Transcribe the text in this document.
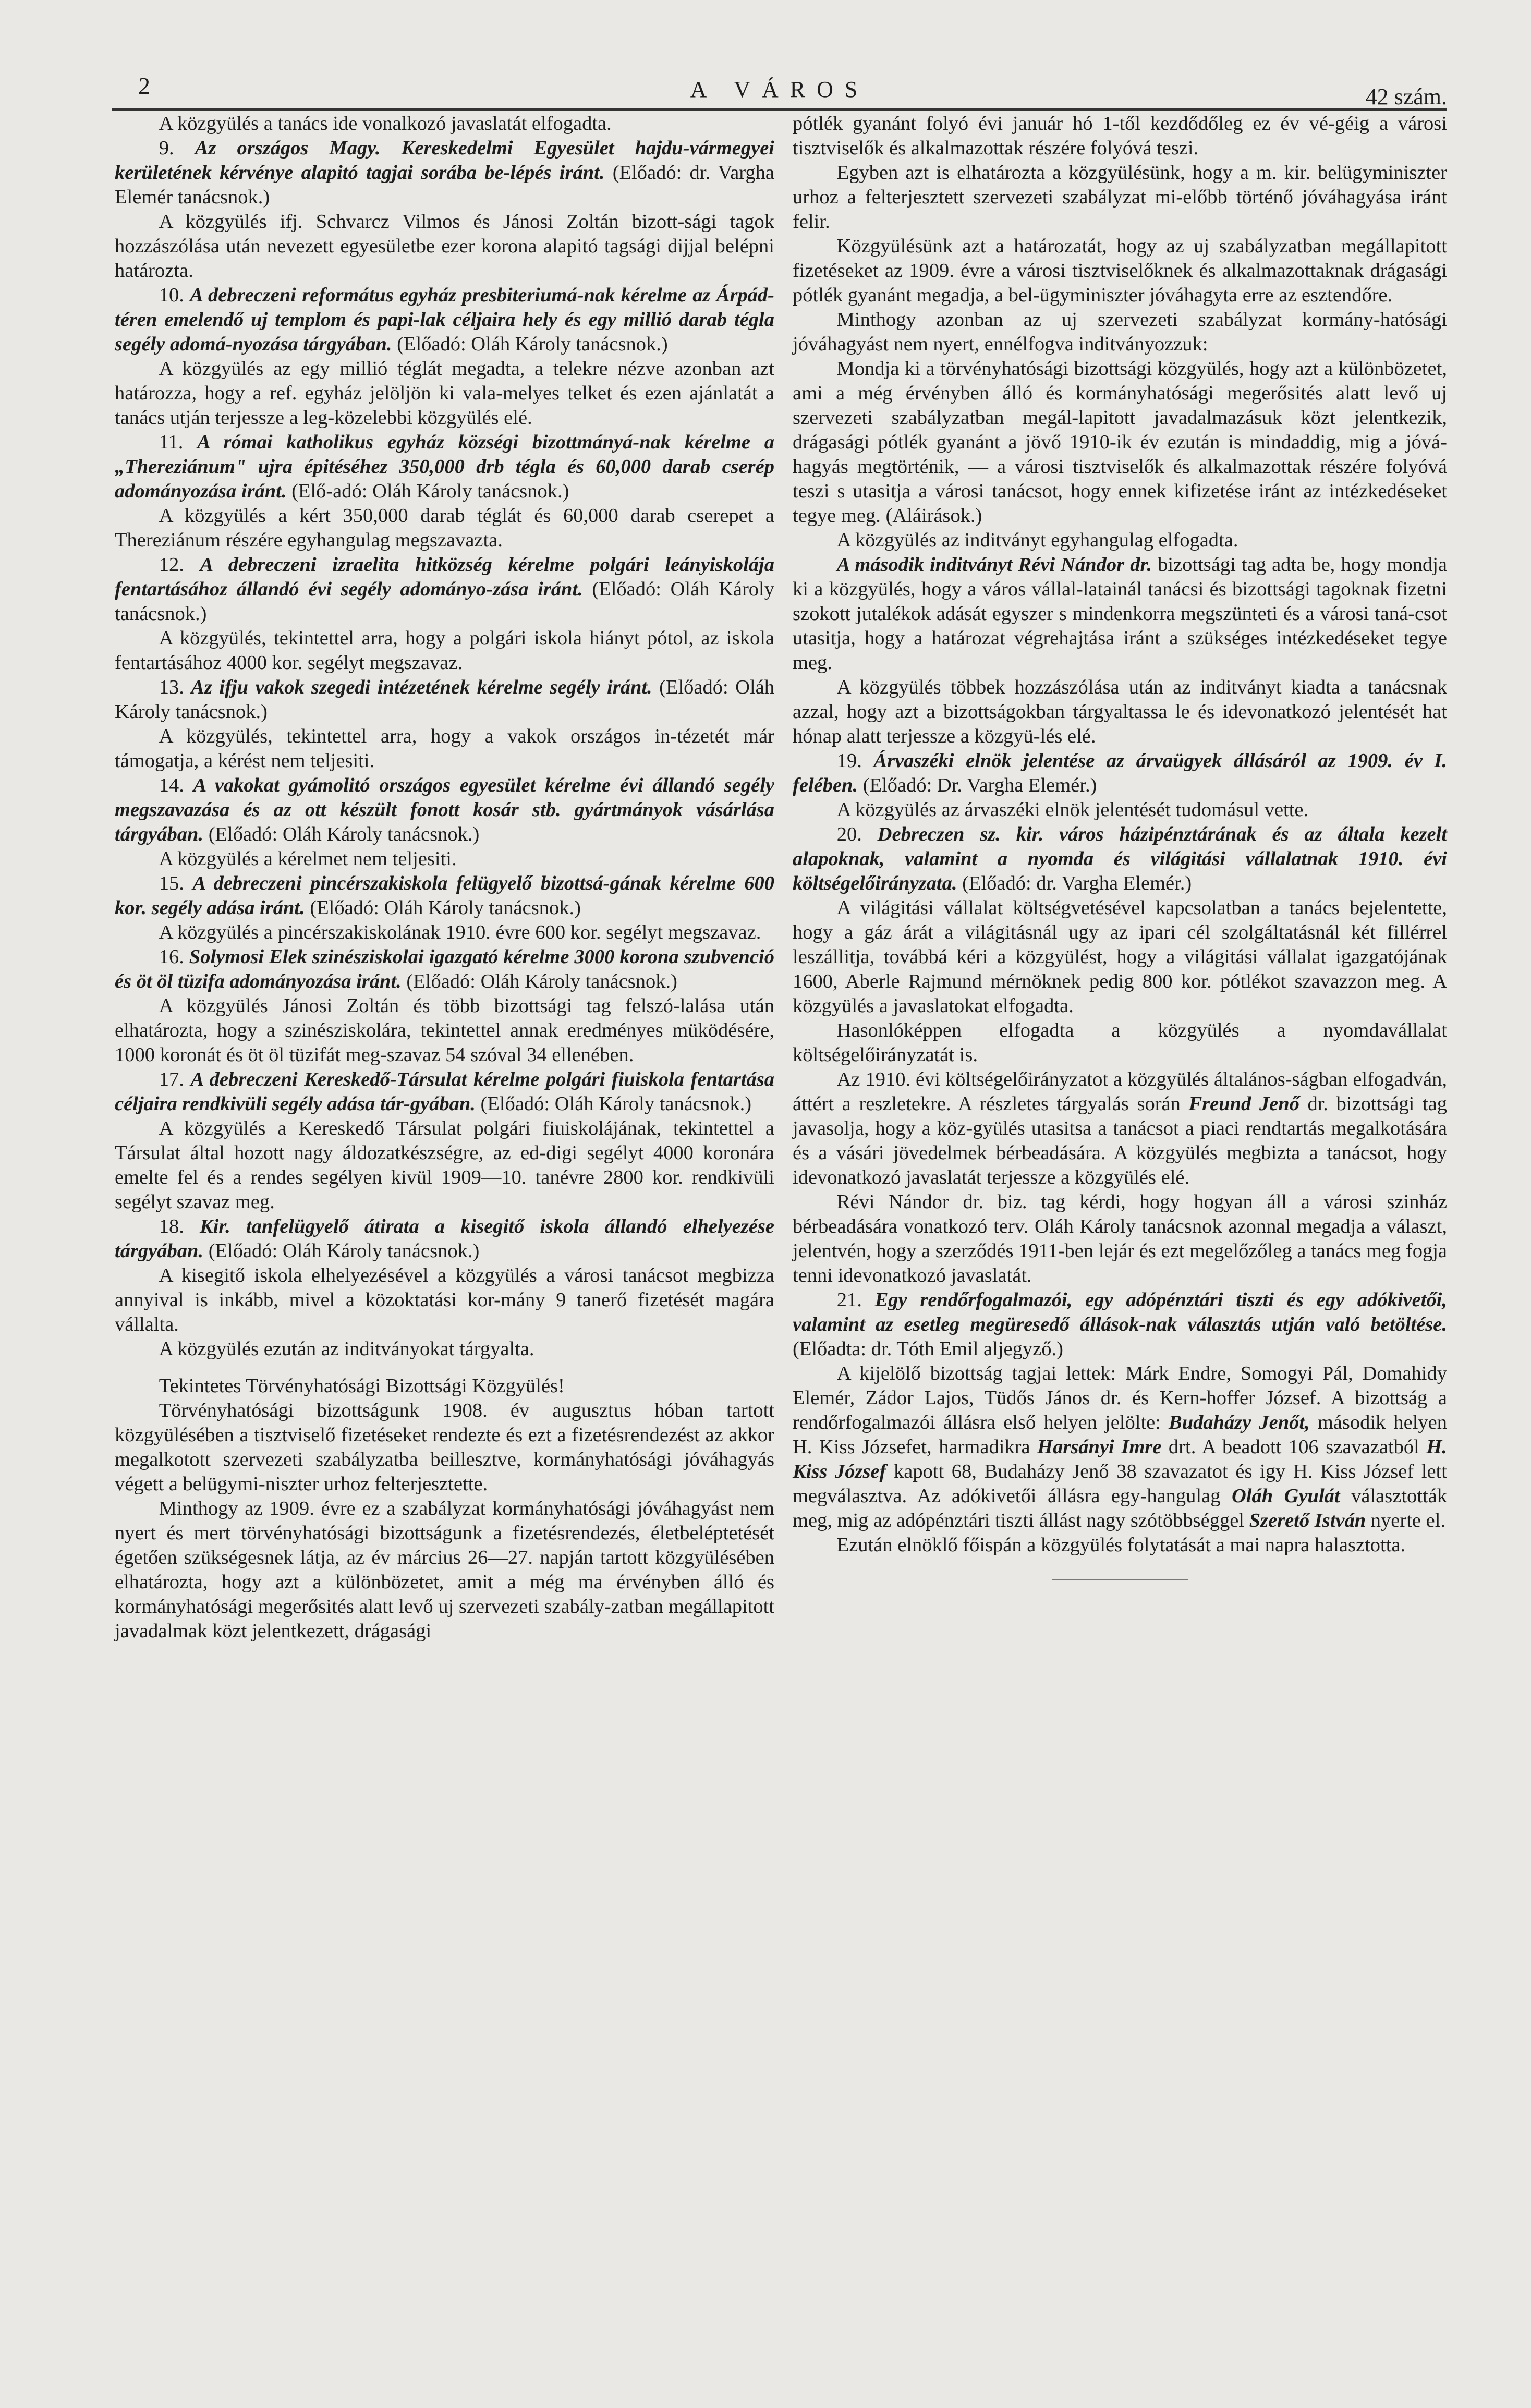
2	A VÁROS	42 szám.

A közgyülés a tanács ide vonalkozó javaslatát elfogadta.

9. Az országos Magy. Kereskedelmi Egyesület hajdu-vármegyei kerületének kérvénye alapitó tagjai sorába be-lépés iránt. (Előadó: dr. Vargha Elemér tanácsnok.)

A közgyülés ifj. Schvarcz Vilmos és Jánosi Zoltán bizott-sági tagok hozzászólása után nevezett egyesületbe ezer korona alapitó tagsági dijjal belépni határozta.

10. A debreczeni református egyház presbiteriumá-nak kérelme az Árpád-téren emelendő uj templom és papi-lak céljaira hely és egy millió darab tégla segély adomá-nyozása tárgyában. (Előadó: Oláh Károly tanácsnok.)

A közgyülés az egy millió téglát megadta, a telekre nézve azonban azt határozza, hogy a ref. egyház jelöljön ki vala-melyes telket és ezen ajánlatát a tanács utján terjessze a leg-közelebbi közgyülés elé.

11. A római katholikus egyház községi bizottmányá-nak kérelme a „Thereziánum" ujra épitéséhez 350,000 drb tégla és 60,000 darab cserép adományozása iránt. (Elő-adó: Oláh Károly tanácsnok.)

A közgyülés a kért 350,000 darab téglát és 60,000 darab cserepet a Thereziánum részére egyhangulag megszavazta.

12. A debreczeni izraelita hitközség kérelme polgári leányiskolája fentartásához állandó évi segély adományo-zása iránt. (Előadó: Oláh Károly tanácsnok.)

A közgyülés, tekintettel arra, hogy a polgári iskola hiányt pótol, az iskola fentartásához 4000 kor. segélyt megszavaz.

13. Az ifju vakok szegedi intézetének kérelme segély iránt. (Előadó: Oláh Károly tanácsnok.)

A közgyülés, tekintettel arra, hogy a vakok országos in-tézetét már támogatja, a kérést nem teljesiti.

14. A vakokat gyámolitó országos egyesület kérelme évi állandó segély megszavazása és az ott készült fonott kosár stb. gyártmányok vásárlása tárgyában. (Előadó: Oláh Károly tanácsnok.)

A közgyülés a kérelmet nem teljesiti.

15. A debreczeni pincérszakiskola felügyelő bizottsá-gának kérelme 600 kor. segély adása iránt. (Előadó: Oláh Károly tanácsnok.)

A közgyülés a pincérszakiskolának 1910. évre 600 kor. segélyt megszavaz.

16. Solymosi Elek szinésziskolai igazgató kérelme 3000 korona szubvenció és öt öl tüzifa adományozása iránt. (Előadó: Oláh Károly tanácsnok.)

A közgyülés Jánosi Zoltán és több bizottsági tag felszó-lalása után elhatározta, hogy a szinésziskolára, tekintettel annak eredményes müködésére, 1000 koronát és öt öl tüzifát meg-szavaz 54 szóval 34 ellenében.

17. A debreczeni Kereskedő-Társulat kérelme polgári fiuiskola fentartása céljaira rendkivüli segély adása tár-gyában. (Előadó: Oláh Károly tanácsnok.)

A közgyülés a Kereskedő Társulat polgári fiuiskolájának, tekintettel a Társulat által hozott nagy áldozatkészségre, az ed-digi segélyt 4000 koronára emelte fel és a rendes segélyen kivül 1909—10. tanévre 2800 kor. rendkivüli segélyt szavaz meg.

18. Kir. tanfelügyelő átirata a kisegitő iskola állandó elhelyezése tárgyában. (Előadó: Oláh Károly tanácsnok.)

A kisegitő iskola elhelyezésével a közgyülés a városi tanácsot megbizza annyival is inkább, mivel a közoktatási kor-mány 9 tanerő fizetését magára vállalta.

A közgyülés ezután az inditványokat tárgyalta.

Tekintetes Törvényhatósági Bizottsági Közgyülés!

Törvényhatósági bizottságunk 1908. év augusztus hóban tartott közgyülésében a tisztviselő fizetéseket rendezte és ezt a fizetésrendezést az akkor megalkotott szervezeti szabályzatba beillesztve, kormányhatósági jóváhagyás végett a belügymi-niszter urhoz felterjesztette.

Minthogy az 1909. évre ez a szabályzat kormányhatósági jóváhagyást nem nyert és mert törvényhatósági bizottságunk a fizetésrendezés, életbeléptetését égetően szükségesnek látja, az év március 26—27. napján tartott közgyülésében elhatározta, hogy azt a különbözetet, amit a még ma érvényben álló és kormányhatósági megerősités alatt levő uj szervezeti szabály-zatban megállapitott javadalmak közt jelentkezett, drágasági

pótlék gyanánt folyó évi január hó 1-től kezdődőleg ez év vé-géig a városi tisztviselők és alkalmazottak részére folyóvá teszi.

Egyben azt is elhatározta a közgyülésünk, hogy a m. kir. belügyminiszter urhoz a felterjesztett szervezeti szabályzat mi-előbb történő jóváhagyása iránt felir.

Közgyülésünk azt a határozatát, hogy az uj szabályzatban megállapitott fizetéseket az 1909. évre a városi tisztviselőknek és alkalmazottaknak drágasági pótlék gyanánt megadja, a bel-ügyminiszter jóváhagyta erre az esztendőre.

Minthogy azonban az uj szervezeti szabályzat kormány-hatósági jóváhagyást nem nyert, ennélfogva inditványozzuk:

Mondja ki a törvényhatósági bizottsági közgyülés, hogy azt a különbözetet, ami a még érvényben álló és kormányhatósági megerősités alatt levő uj szervezeti szabályzatban megál-lapitott javadalmazásuk közt jelentkezik, drágasági pótlék gyanánt a jövő 1910-ik év ezután is mindaddig, mig a jóvá-hagyás megtörténik, — a városi tisztviselők és alkalmazottak részére folyóvá teszi s utasitja a városi tanácsot, hogy ennek kifizetése iránt az intézkedéseket tegye meg. (Aláirások.)

A közgyülés az inditványt egyhangulag elfogadta.

A második inditványt Révi Nándor dr. bizottsági tag adta be, hogy mondja ki a közgyülés, hogy a város vállal-latainál tanácsi és bizottsági tagoknak fizetni szokott jutalékok adását egyszer s mindenkorra megszünteti és a városi taná-csot utasitja, hogy a határozat végrehajtása iránt a szükséges intézkedéseket tegye meg.

A közgyülés többek hozzászólása után az inditványt kiadta a tanácsnak azzal, hogy azt a bizottságokban tárgyaltassa le és idevonatkozó jelentését hat hónap alatt terjessze a közgyü-lés elé.

19. Árvaszéki elnök jelentése az árvaügyek állásáról az 1909. év I. felében. (Előadó: Dr. Vargha Elemér.)

A közgyülés az árvaszéki elnök jelentését tudomásul vette.

20. Debreczen sz. kir. város házipénztárának és az általa kezelt alapoknak, valamint a nyomda és világitási vállalatnak 1910. évi költségelőirányzata. (Előadó: dr. Vargha Elemér.)

A világitási vállalat költségvetésével kapcsolatban a tanács bejelentette, hogy a gáz árát a világitásnál ugy az ipari cél szolgáltatásnál két fillérrel leszállitja, továbbá kéri a közgyülést, hogy a világitási vállalat igazgatójának 1600, Aberle Rajmund mérnöknek pedig 800 kor. pótlékot szavazzon meg. A közgyülés a javaslatokat elfogadta.

Hasonlóképpen elfogadta a közgyülés a nyomdavállalat költségelőirányzatát is.

Az 1910. évi költségelőirányzatot a közgyülés általános-ságban elfogadván, áttért a reszletekre. A részletes tárgyalás során Freund Jenő dr. bizottsági tag javasolja, hogy a köz-gyülés utasitsa a tanácsot a piaci rendtartás megalkotására és a vásári jövedelmek bérbeadására. A közgyülés megbizta a tanácsot, hogy idevonatkozó javaslatát terjessze a közgyülés elé.

Révi Nándor dr. biz. tag kérdi, hogy hogyan áll a városi szinház bérbeadására vonatkozó terv. Oláh Károly tanácsnok azonnal megadja a választ, jelentvén, hogy a szerződés 1911-ben lejár és ezt megelőzőleg a tanács meg fogja tenni idevonatkozó javaslatát.

21. Egy rendőrfogalmazói, egy adópénztári tiszti és egy adókivetői, valamint az esetleg megüresedő állások-nak választás utján való betöltése. (Előadta: dr. Tóth Emil aljegyző.)

A kijelölő bizottság tagjai lettek: Márk Endre, Somogyi Pál, Domahidy Elemér, Zádor Lajos, Tüdős János dr. és Kern-hoffer József. A bizottság a rendőrfogalmazói állásra első helyen jelölte: Budaházy Jenőt, második helyen H. Kiss Józsefet, harmadikra Harsányi Imre drt. A beadott 106 szavazatból H. Kiss József kapott 68, Budaházy Jenő 38 szavazatot és igy H. Kiss József lett megválasztva. Az adókivetői állásra egy-hangulag Oláh Gyulát választották meg, mig az adópénztári tiszti állást nagy szótöbbséggel Szerető István nyerte el.

Ezután elnöklő főispán a közgyülés folytatását a mai napra halasztotta.
